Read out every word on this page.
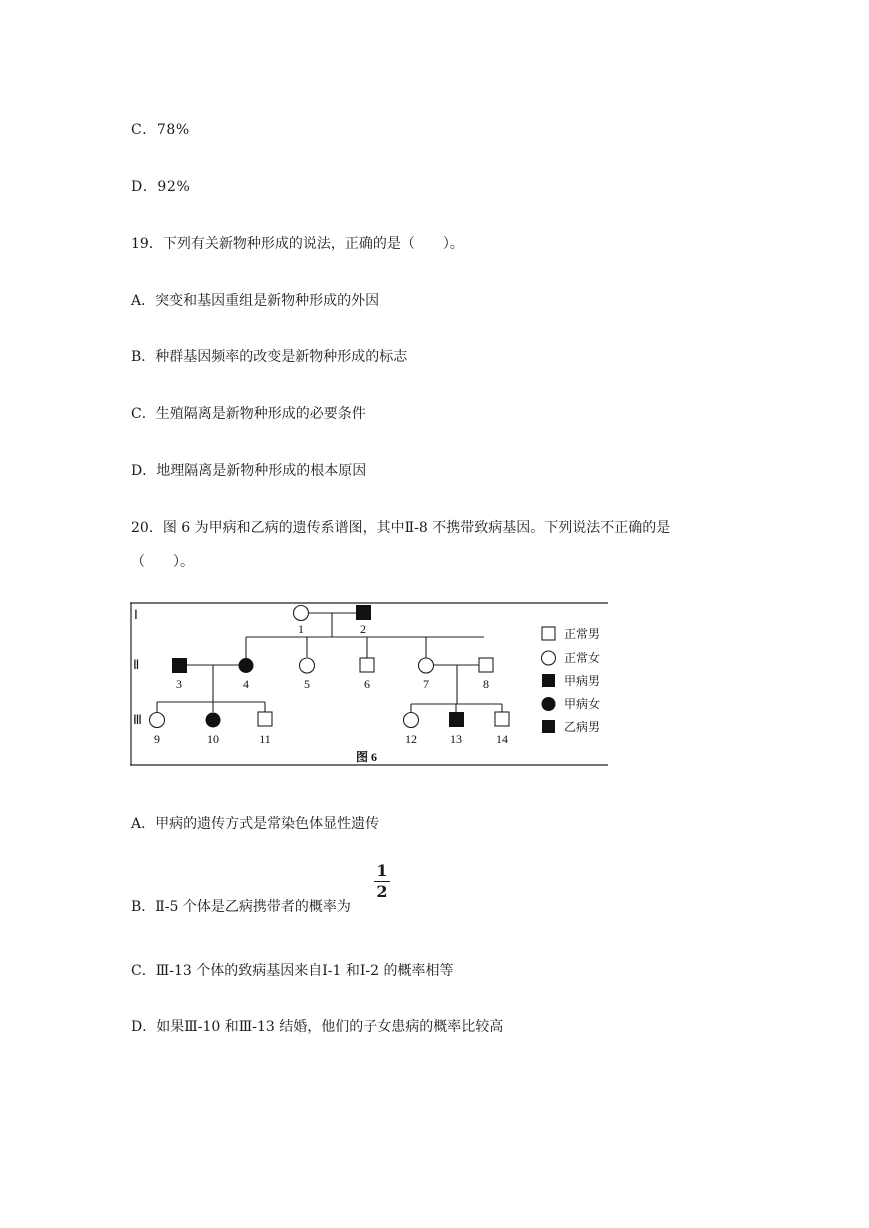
C．78%
D．92%
19．下列有关新物种形成的说法，正确的是（　　）。
A．突变和基因重组是新物种形成的外因
B．种群基因频率的改变是新物种形成的标志
C．生殖隔离是新物种形成的必要条件
D．地理隔离是新物种形成的根本原因
20．图 6 为甲病和乙病的遗传系谱图，其中Ⅱ-8 不携带致病基因。下列说法不正确的是
（　　）。
Ⅰ
Ⅱ
Ⅲ
1	2
3	4	5	6	7	8
9	10	11	12	13	14
正常男
正常女
甲病男
甲病女
乙病男
图 6
A．甲病的遗传方式是常染色体显性遗传
B．Ⅱ-5 个体是乙病携带者的概率为
1
2
C．Ⅲ-13 个体的致病基因来自Ⅰ-1 和Ⅰ-2 的概率相等
D．如果Ⅲ-10 和Ⅲ-13 结婚，他们的子女患病的概率比较高
